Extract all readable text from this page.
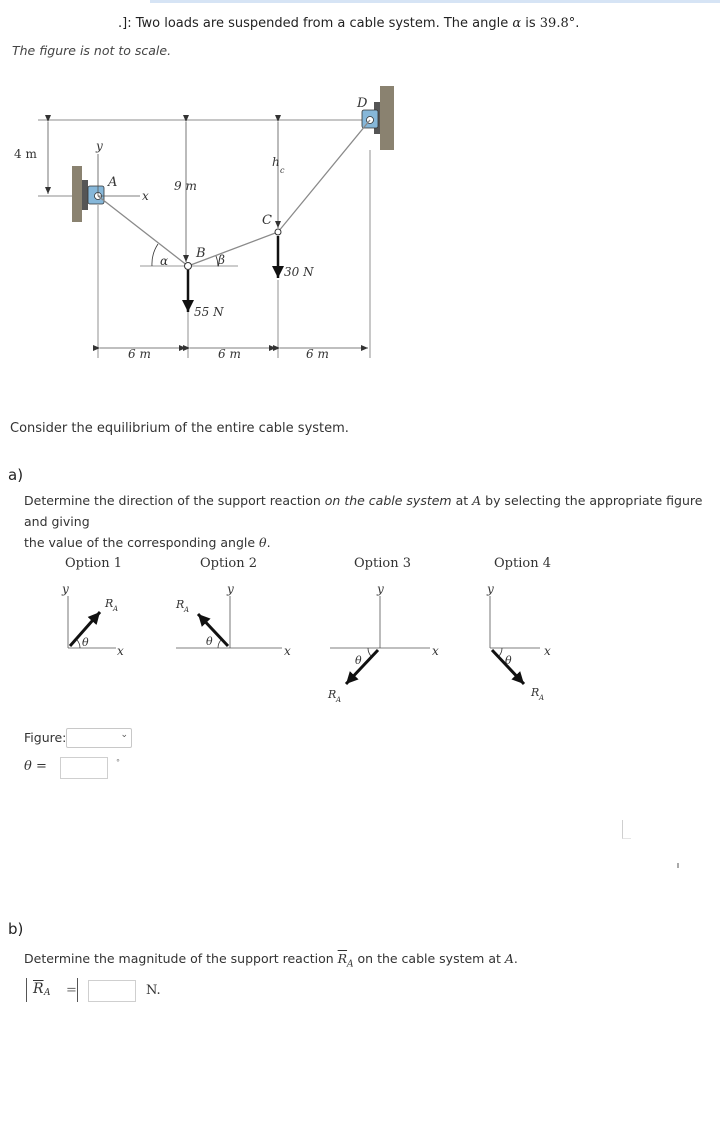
.]: Two loads are suspended from a cable system. The angle α is 39.8°.
The figure is not to scale.
4 m
9 m
h
c
6 m	6 m	6 m
A
B
C
D
y
x
α	β
55 N
30 N
Consider the equilibrium of the entire cable system.
a)
Determine the direction of the support reaction on the cable system at A by selecting the appropriate figure and giving
the value of the corresponding angle θ.
Option 1
y
x
θ
R A
Option 2
y
x
θ
R A
Option 3
y
x
θ
R A
Option 4
y
x
θ
R A
Figure:	⌄
θ =	°
b)
Determine the magnitude of the support reaction $\overline{R}_A$ on the cable system at A.
$\overline{R}$ A =	N.
